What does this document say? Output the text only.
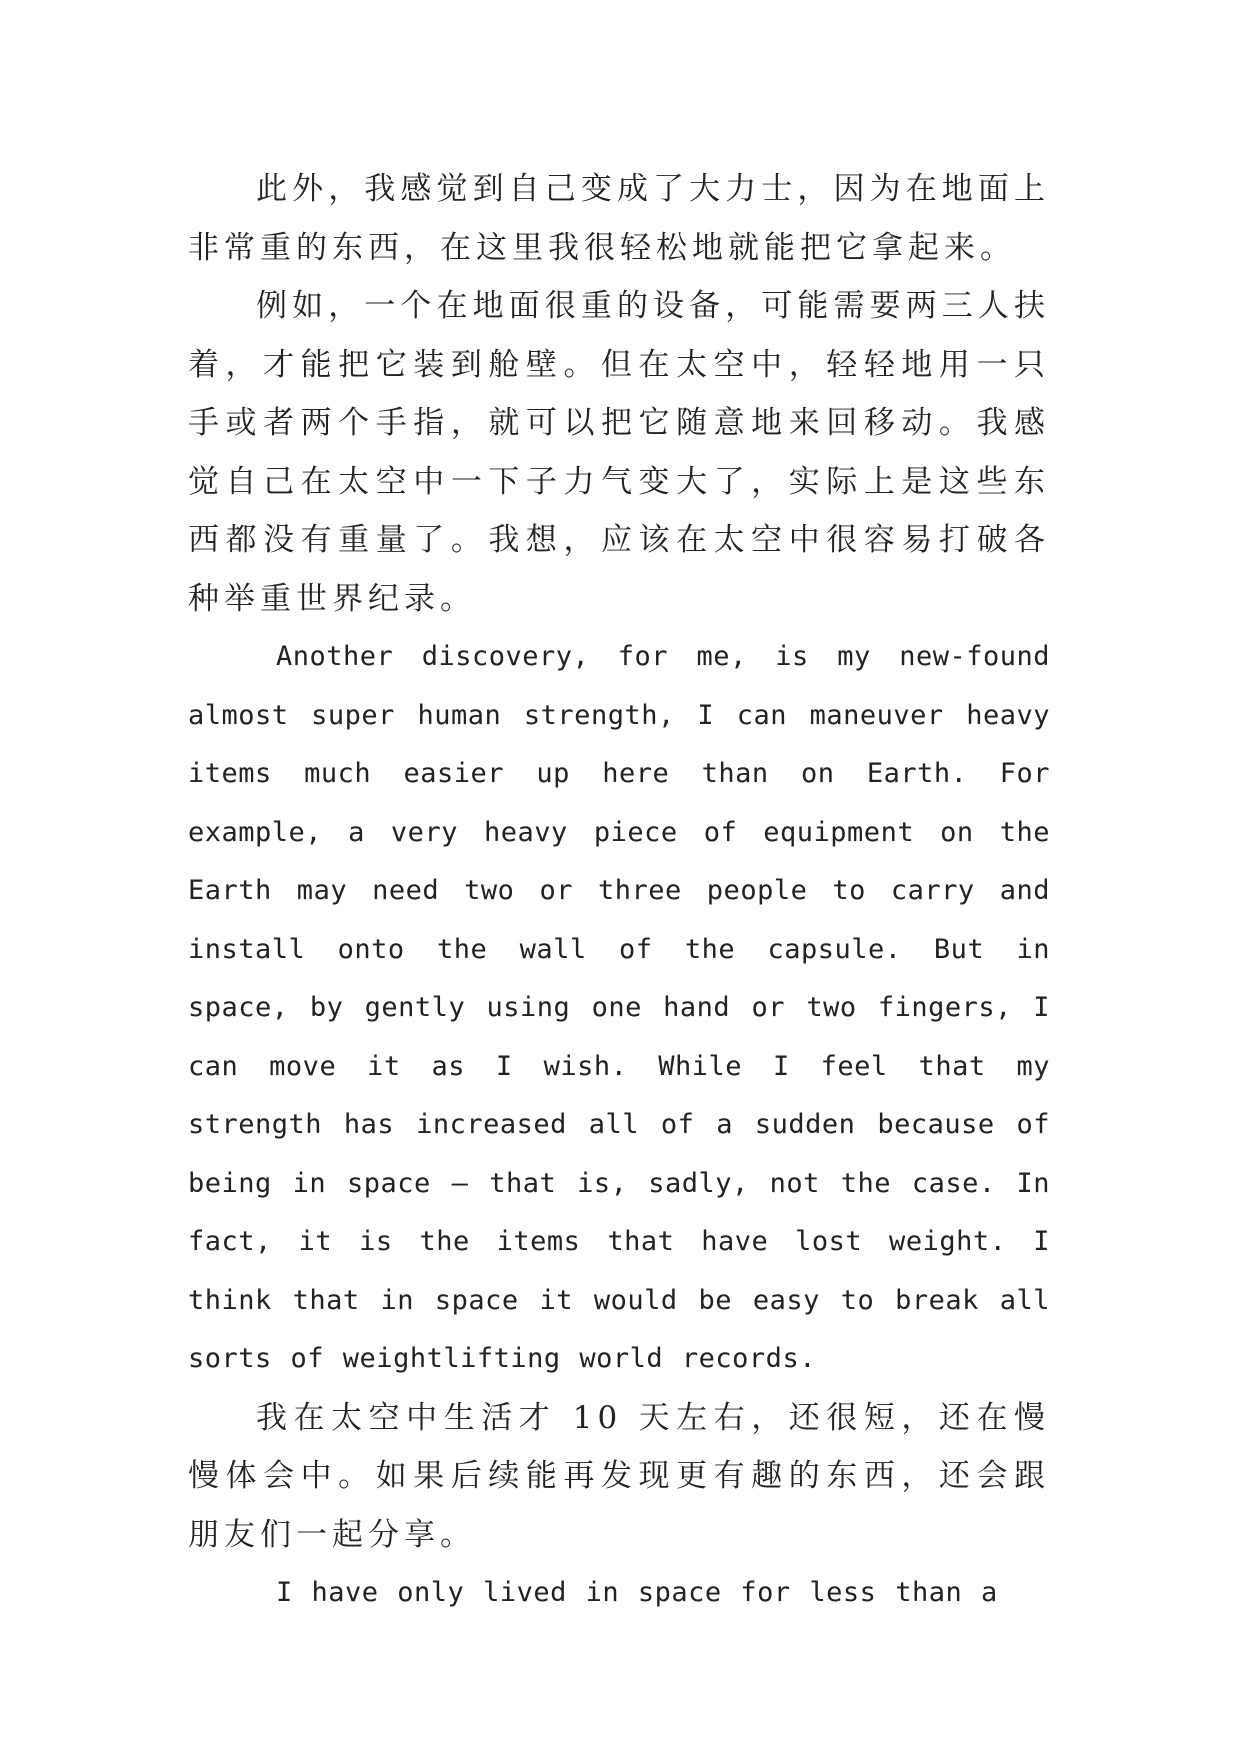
此外，我感觉到自己变成了大力士，因为在地面上非常重的东西，在这里我很轻松地就能把它拿起来。

例如，一个在地面很重的设备，可能需要两三人扶着，才能把它装到舱壁。但在太空中，轻轻地用一只手或者两个手指，就可以把它随意地来回移动。我感觉自己在太空中一下子力气变大了，实际上是这些东西都没有重量了。我想，应该在太空中很容易打破各种举重世界纪录。

Another discovery, for me, is my new-found almost super human strength, I can maneuver heavy items much easier up here than on Earth. For example, a very heavy piece of equipment on the Earth may need two or three people to carry and install onto the wall of the capsule. But in space, by gently using one hand or two fingers, I can move it as I wish. While I feel that my strength has increased all of a sudden because of being in space – that is, sadly, not the case. In fact, it is the items that have lost weight. I think that in space it would be easy to break all sorts of weightlifting world records.

我在太空中生活才 10 天左右，还很短，还在慢慢体会中。如果后续能再发现更有趣的东西，还会跟朋友们一起分享。

I have only lived in space for less than a
